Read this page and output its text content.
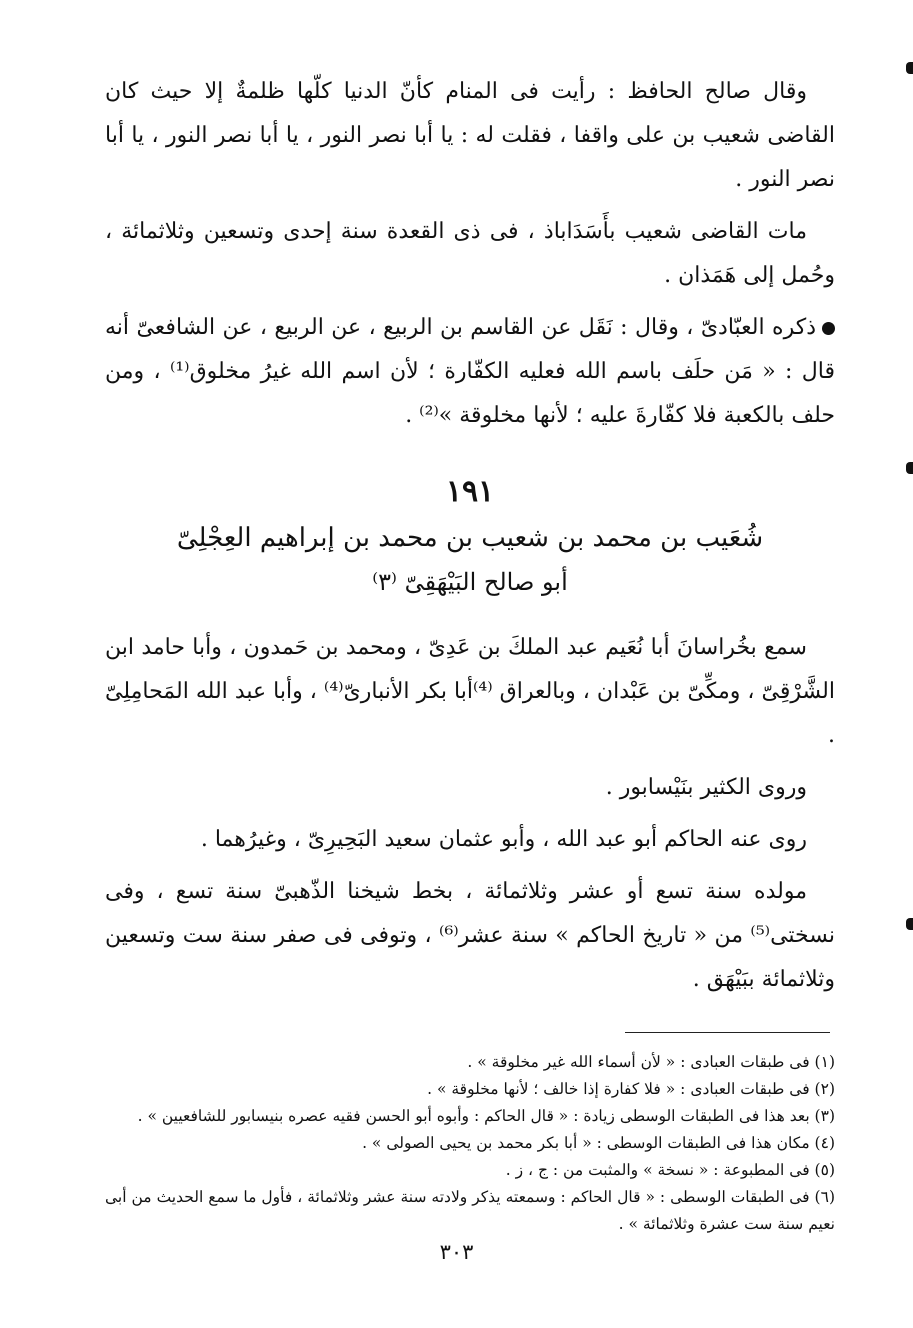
وقال صالح الحافظ : رأيت فى المنام كأنّ الدنيا كلّها ظلمةٌ إلا حيث كان القاضى شعيب بن على واقفا ، فقلت له : يا أبا نصر النور ، يا أبا نصر النور ، يا أبا نصر النور .

مات القاضى شعيب بأَسَدَاباذ ، فى ذى القعدة سنة إحدى وتسعين وثلاثمائة ، وحُمل إلى هَمَذان .

ذكره العبّادىّ ، وقال : نَقَل عن القاسم بن الربيع ، عن الربيع ، عن الشافعىّ أنه قال : « مَن حلَف باسم الله فعليه الكفّارة ؛ لأن اسم الله غيرُ مخلوق⁽¹⁾ ، ومن حلف بالكعبة فلا كفّارةَ عليه ؛ لأنها مخلوقة »⁽²⁾ .

١٩١
شُعَيب بن محمد بن شعيب بن محمد بن إبراهيم العِجْلِىّ
أبو صالح البَيْهَقِىّ ⁽٣⁾

سمع بخُراسانَ أبا نُعَيم عبد الملكَ بن عَدِىّ ، ومحمد بن حَمدون ، وأبا حامد ابن الشَّرْقِىّ ، ومكِّىّ بن عَبْدان ، وبالعراق ⁽⁴⁾أبا بكر الأنبارىّ⁽⁴⁾ ، وأبا عبد الله المَحامِلِىّ .

وروى الكثير بنَيْسابور .

روى عنه الحاكم أبو عبد الله ، وأبو عثمان سعيد البَحِيرِىّ ، وغيرُهما .

مولده سنة تسع أو عشر وثلاثمائة ، بخط شيخنا الذّهبىّ سنة تسع ، وفى نسختى⁽⁵⁾ من « تاريخ الحاكم » سنة عشر⁽⁶⁾ ، وتوفى فى صفر سنة ست وتسعين وثلاثمائة ببَيْهَق .

(١) فى طبقات العبادى : « لأن أسماء الله غير مخلوقة » .

(٢) فى طبقات العبادى : « فلا كفارة إذا خالف ؛ لأنها مخلوقة » .

(٣) بعد هذا فى الطبقات الوسطى زيادة : « قال الحاكم : وأبوه أبو الحسن فقيه عصره بنيسابور للشافعيين » .

(٤) مكان هذا فى الطبقات الوسطى : « أبا بكر محمد بن يحيى الصولى » .

(٥) فى المطبوعة : « نسخة » والمثبت من : ج ، ز .

(٦) فى الطبقات الوسطى : « قال الحاكم : وسمعته يذكر ولادته سنة عشر وثلاثمائة ، فأول ما سمع الحديث من أبى نعيم سنة ست عشرة وثلاثمائة » .

٣٠٣
